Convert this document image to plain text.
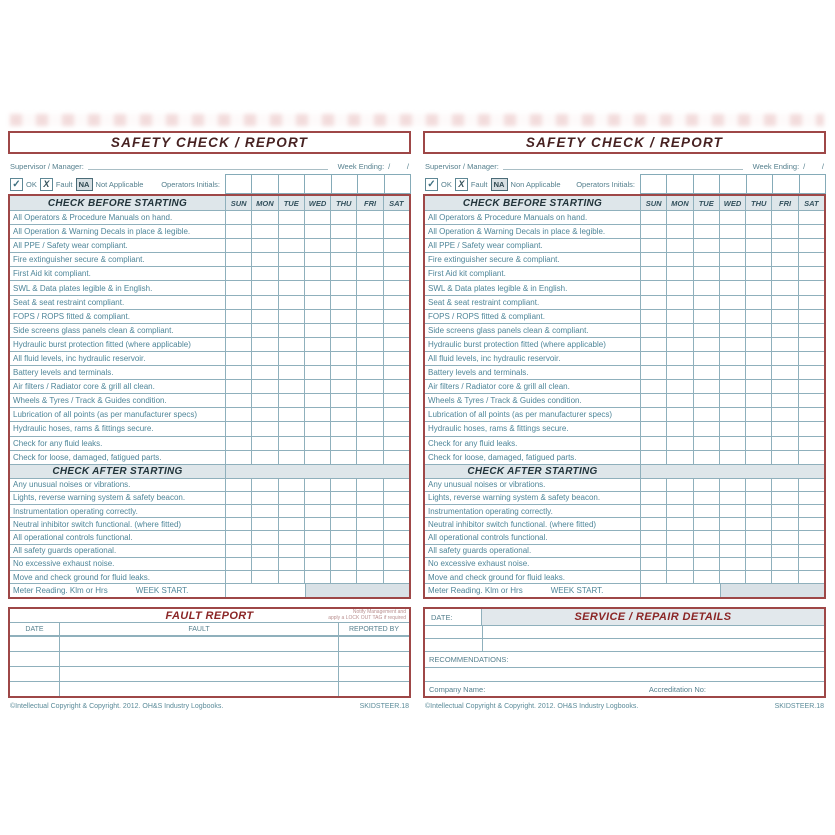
SAFETY CHECK / REPORT
Supervisor / Manager:	Week Ending: /        /
✓ OK X Fault NA Not Applicable Operators Initials:
CHECK BEFORE STARTING	SUN	MON	TUE	WED	THU	FRI	SAT
All Operators & Procedure Manuals on hand.
All Operation & Warning Decals in place & legible.
All PPE / Safety wear compliant.
Fire extinguisher secure & compliant.
First Aid kit compliant.
SWL & Data plates legible & in English.
Seat & seat restraint compliant.
FOPS / ROPS fitted & compliant.
Side screens glass panels clean & compliant.
Hydraulic burst protection fitted (where applicable)
All fluid levels, inc hydraulic reservoir.
Battery levels and terminals.
Air filters / Radiator core & grill all clean.
Wheels & Tyres / Track & Guides condition.
Lubrication of all points (as per manufacturer specs)
Hydraulic hoses, rams & fittings secure.
Check for any fluid leaks.
Check for loose, damaged, fatigued parts.
CHECK AFTER STARTING
Any unusual noises or vibrations.
Lights, reverse warning system & safety beacon.
Instrumentation operating correctly.
Neutral inhibitor switch functional. (where fitted)
All operational controls functional.
All safety guards operational.
No excessive exhaust noise.
Move and check ground for fluid leaks.
Meter Reading. Klm or Hrs	WEEK START.
FAULT REPORT	Notify Management and
apply a LOCK OUT TAG if required
DATE	FAULT	REPORTED BY
©Intellectual Copyright & Copyright. 2012. OH&S Industry Logbooks.	SKIDSTEER.18
SAFETY CHECK / REPORT
Supervisor / Manager:	Week Ending: /        /
✓ OK X Fault NA Non Applicable Operators Initials:
CHECK BEFORE STARTING	SUN	MON	TUE	WED	THU	FRI	SAT
All Operators & Procedure Manuals on hand.
All Operation & Warning Decals in place & legible.
All PPE / Safety wear compliant.
Fire extinguisher secure & compliant.
First Aid kit compliant.
SWL & Data plates legible & in English.
Seat & seat restraint compliant.
FOPS / ROPS fitted & compliant.
Side screens glass panels clean & compliant.
Hydraulic burst protection fitted (where applicable)
All fluid levels, inc hydraulic reservoir.
Battery levels and terminals.
Air filters / Radiator core & grill all clean.
Wheels & Tyres / Track & Guides condition.
Lubrication of all points (as per manufacturer specs)
Hydraulic hoses, rams & fittings secure.
Check for any fluid leaks.
Check for loose, damaged, fatigued parts.
CHECK AFTER STARTING
Any unusual noises or vibrations.
Lights, reverse warning system & safety beacon.
Instrumentation operating correctly.
Neutral inhibitor switch functional. (where fitted)
All operational controls functional.
All safety guards operational.
No excessive exhaust noise.
Move and check ground for fluid leaks.
Meter Reading. Klm or Hrs	WEEK START.
DATE:	SERVICE / REPAIR DETAILS
RECOMMENDATIONS:
Company Name:	Accreditation No:
©Intellectual Copyright & Copyright. 2012. OH&S Industry Logbooks.	SKIDSTEER.18
